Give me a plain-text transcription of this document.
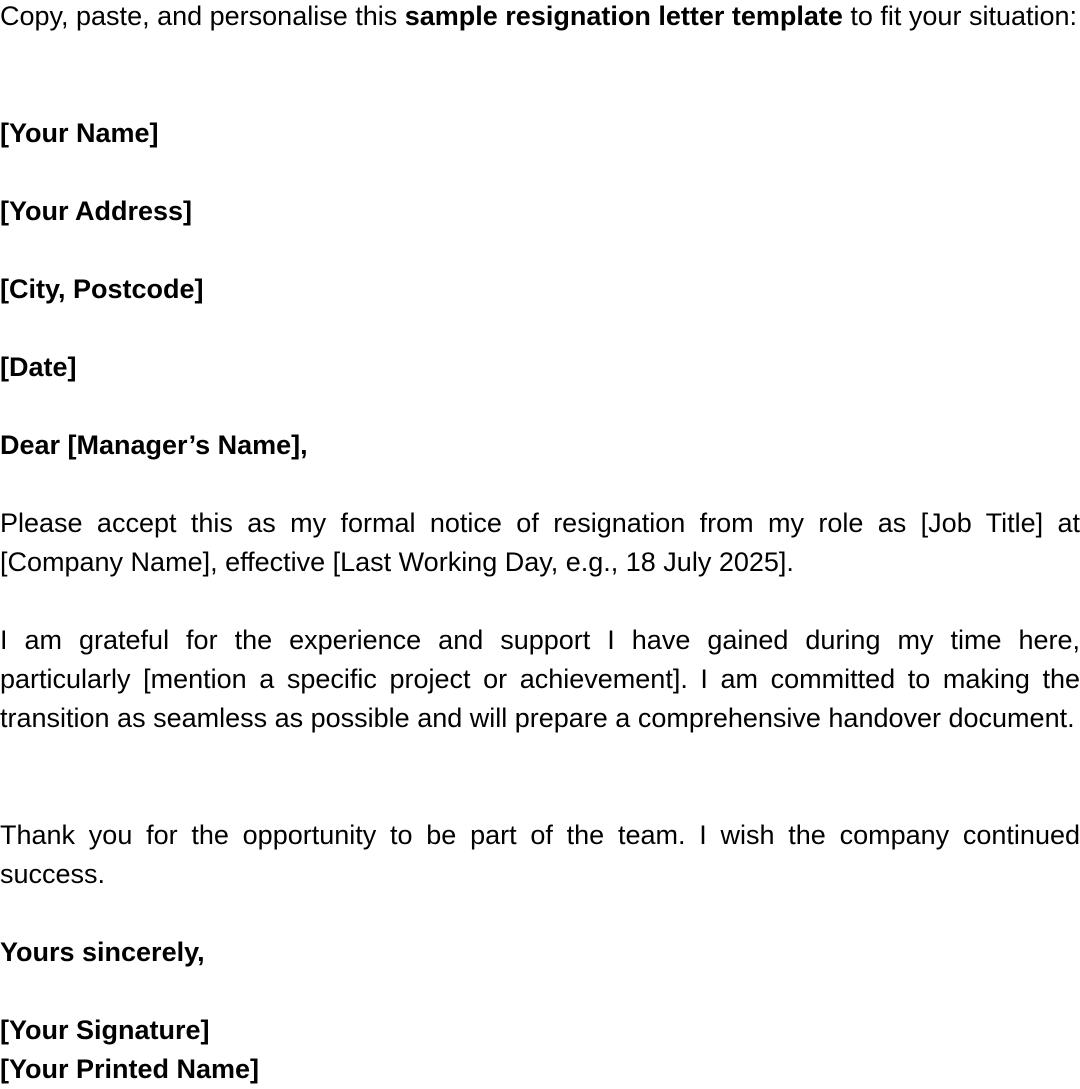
Copy, paste, and personalise this sample resignation letter template to fit your situation:

[Your Name]

[Your Address]

[City, Postcode]

[Date]

Dear [Manager’s Name],

Please accept this as my formal notice of resignation from my role as [Job Title] at [Company Name], effective [Last Working Day, e.g., 18 July 2025].

I am grateful for the experience and support I have gained during my time here, particularly [mention a specific project or achievement]. I am committed to making the transition as seamless as possible and will prepare a comprehensive handover document.

Thank you for the opportunity to be part of the team. I wish the company continued success.

Yours sincerely,

[Your Signature]

[Your Printed Name]
